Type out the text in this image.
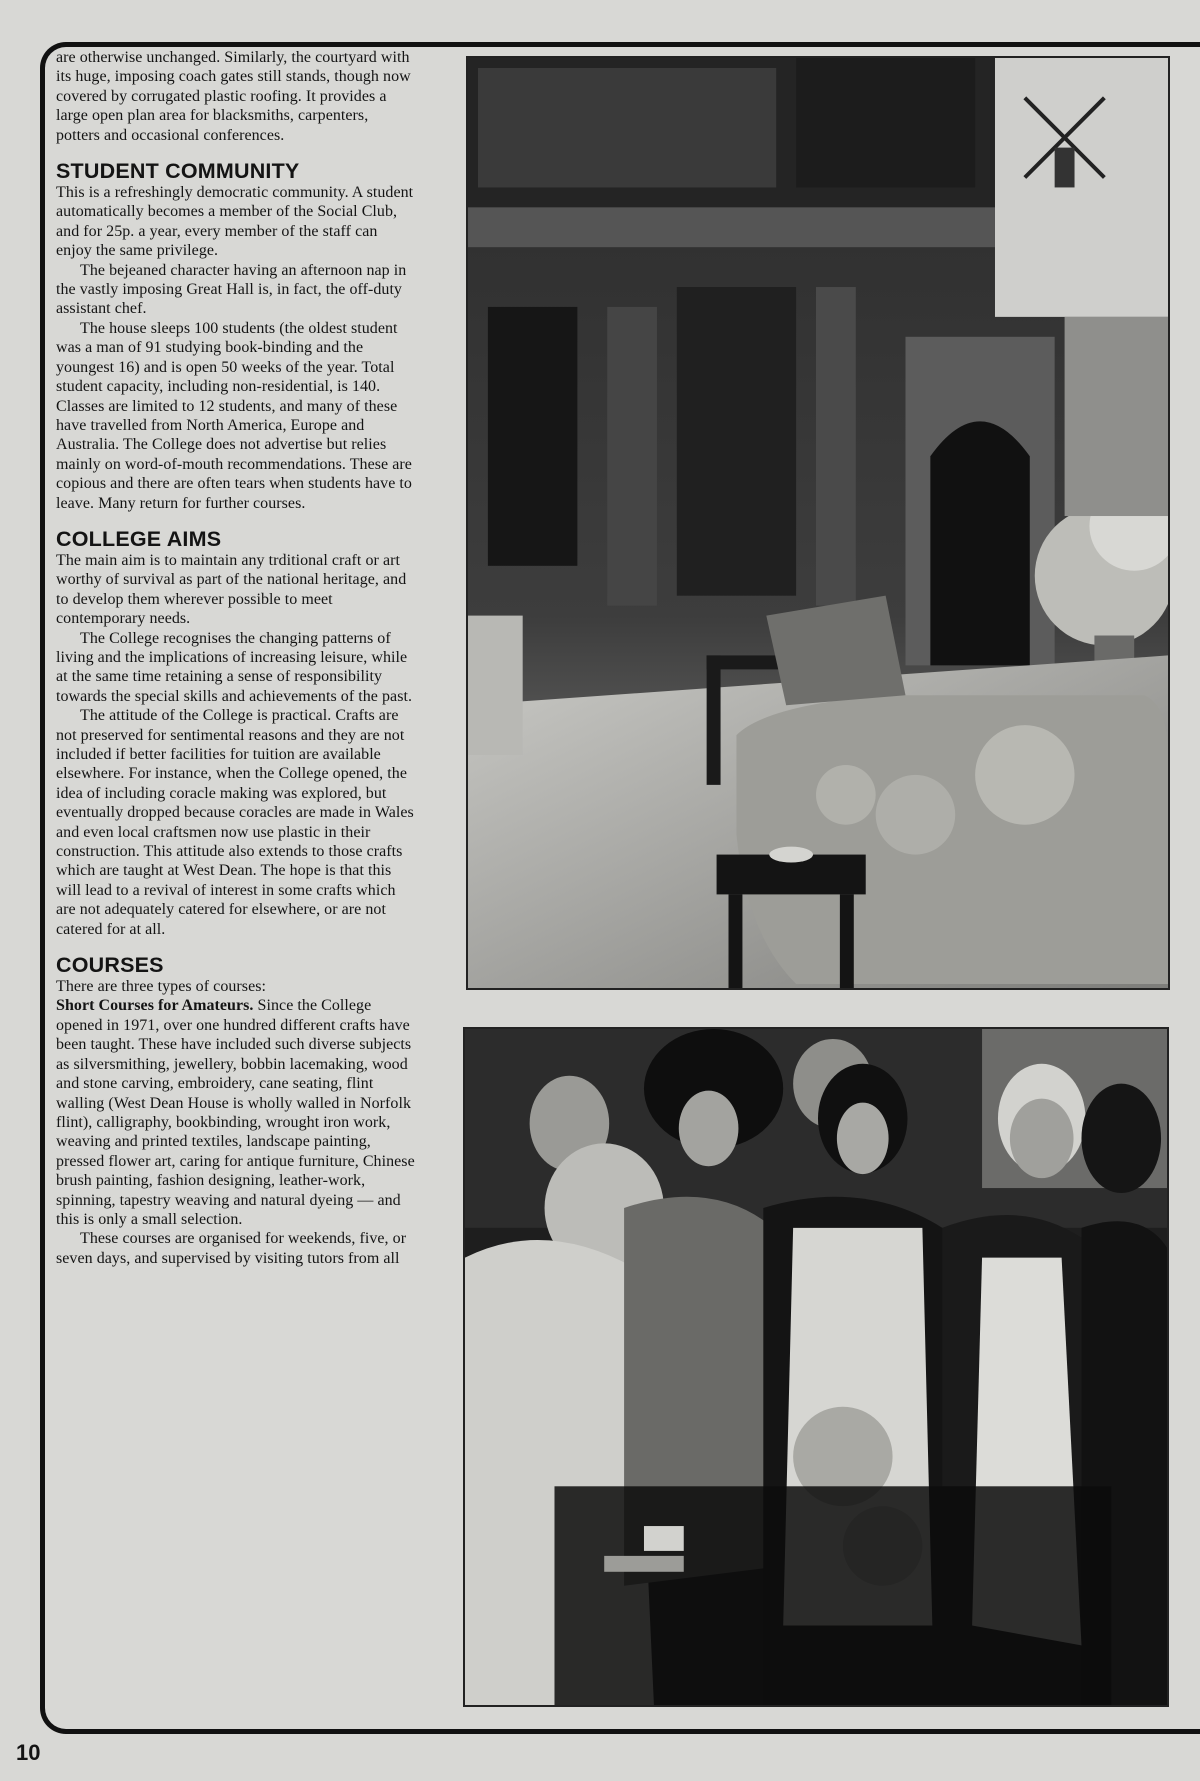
are otherwise unchanged. Similarly, the courtyard with its huge, imposing coach gates still stands, though now covered by corrugated plastic roofing. It provides a large open plan area for blacksmiths, carpenters, potters and occasional conferences.

STUDENT COMMUNITY

This is a refreshingly democratic community. A student automatically becomes a member of the Social Club, and for 25p. a year, every member of the staff can enjoy the same privilege.

The bejeaned character having an afternoon nap in the vastly imposing Great Hall is, in fact, the off-duty assistant chef.

The house sleeps 100 students (the oldest student was a man of 91 studying book-binding and the youngest 16) and is open 50 weeks of the year. Total student capacity, including non-residential, is 140. Classes are limited to 12 students, and many of these have travelled from North America, Europe and Australia. The College does not advertise but relies mainly on word-of-mouth recommendations. These are copious and there are often tears when students have to leave. Many return for further courses.

COLLEGE AIMS

The main aim is to maintain any trditional craft or art worthy of survival as part of the national heritage, and to develop them wherever possible to meet contemporary needs.

The College recognises the changing patterns of living and the implications of increasing leisure, while at the same time retaining a sense of responsibility towards the special skills and achievements of the past.

The attitude of the College is practical. Crafts are not preserved for sentimental reasons and they are not included if better facilities for tuition are available elsewhere. For instance, when the College opened, the idea of including coracle making was explored, but eventually dropped because coracles are made in Wales and even local craftsmen now use plastic in their construction. This attitude also extends to those crafts which are taught at West Dean. The hope is that this will lead to a revival of interest in some crafts which are not adequately catered for elsewhere, or are not catered for at all.

COURSES

There are three types of courses:

Short Courses for Amateurs. Since the College opened in 1971, over one hundred different crafts have been taught. These have included such diverse subjects as silversmithing, jewellery, bobbin lacemaking, wood and stone carving, embroidery, cane seating, flint walling (West Dean House is wholly walled in Norfolk flint), calligraphy, bookbinding, wrought iron work, weaving and printed textiles, landscape painting, pressed flower art, caring for antique furniture, Chinese brush painting, fashion designing, leather-work, spinning, tapestry weaving and natural dyeing — and this is only a small selection.

These courses are organised for weekends, five, or seven days, and supervised by visiting tutors from all

10
